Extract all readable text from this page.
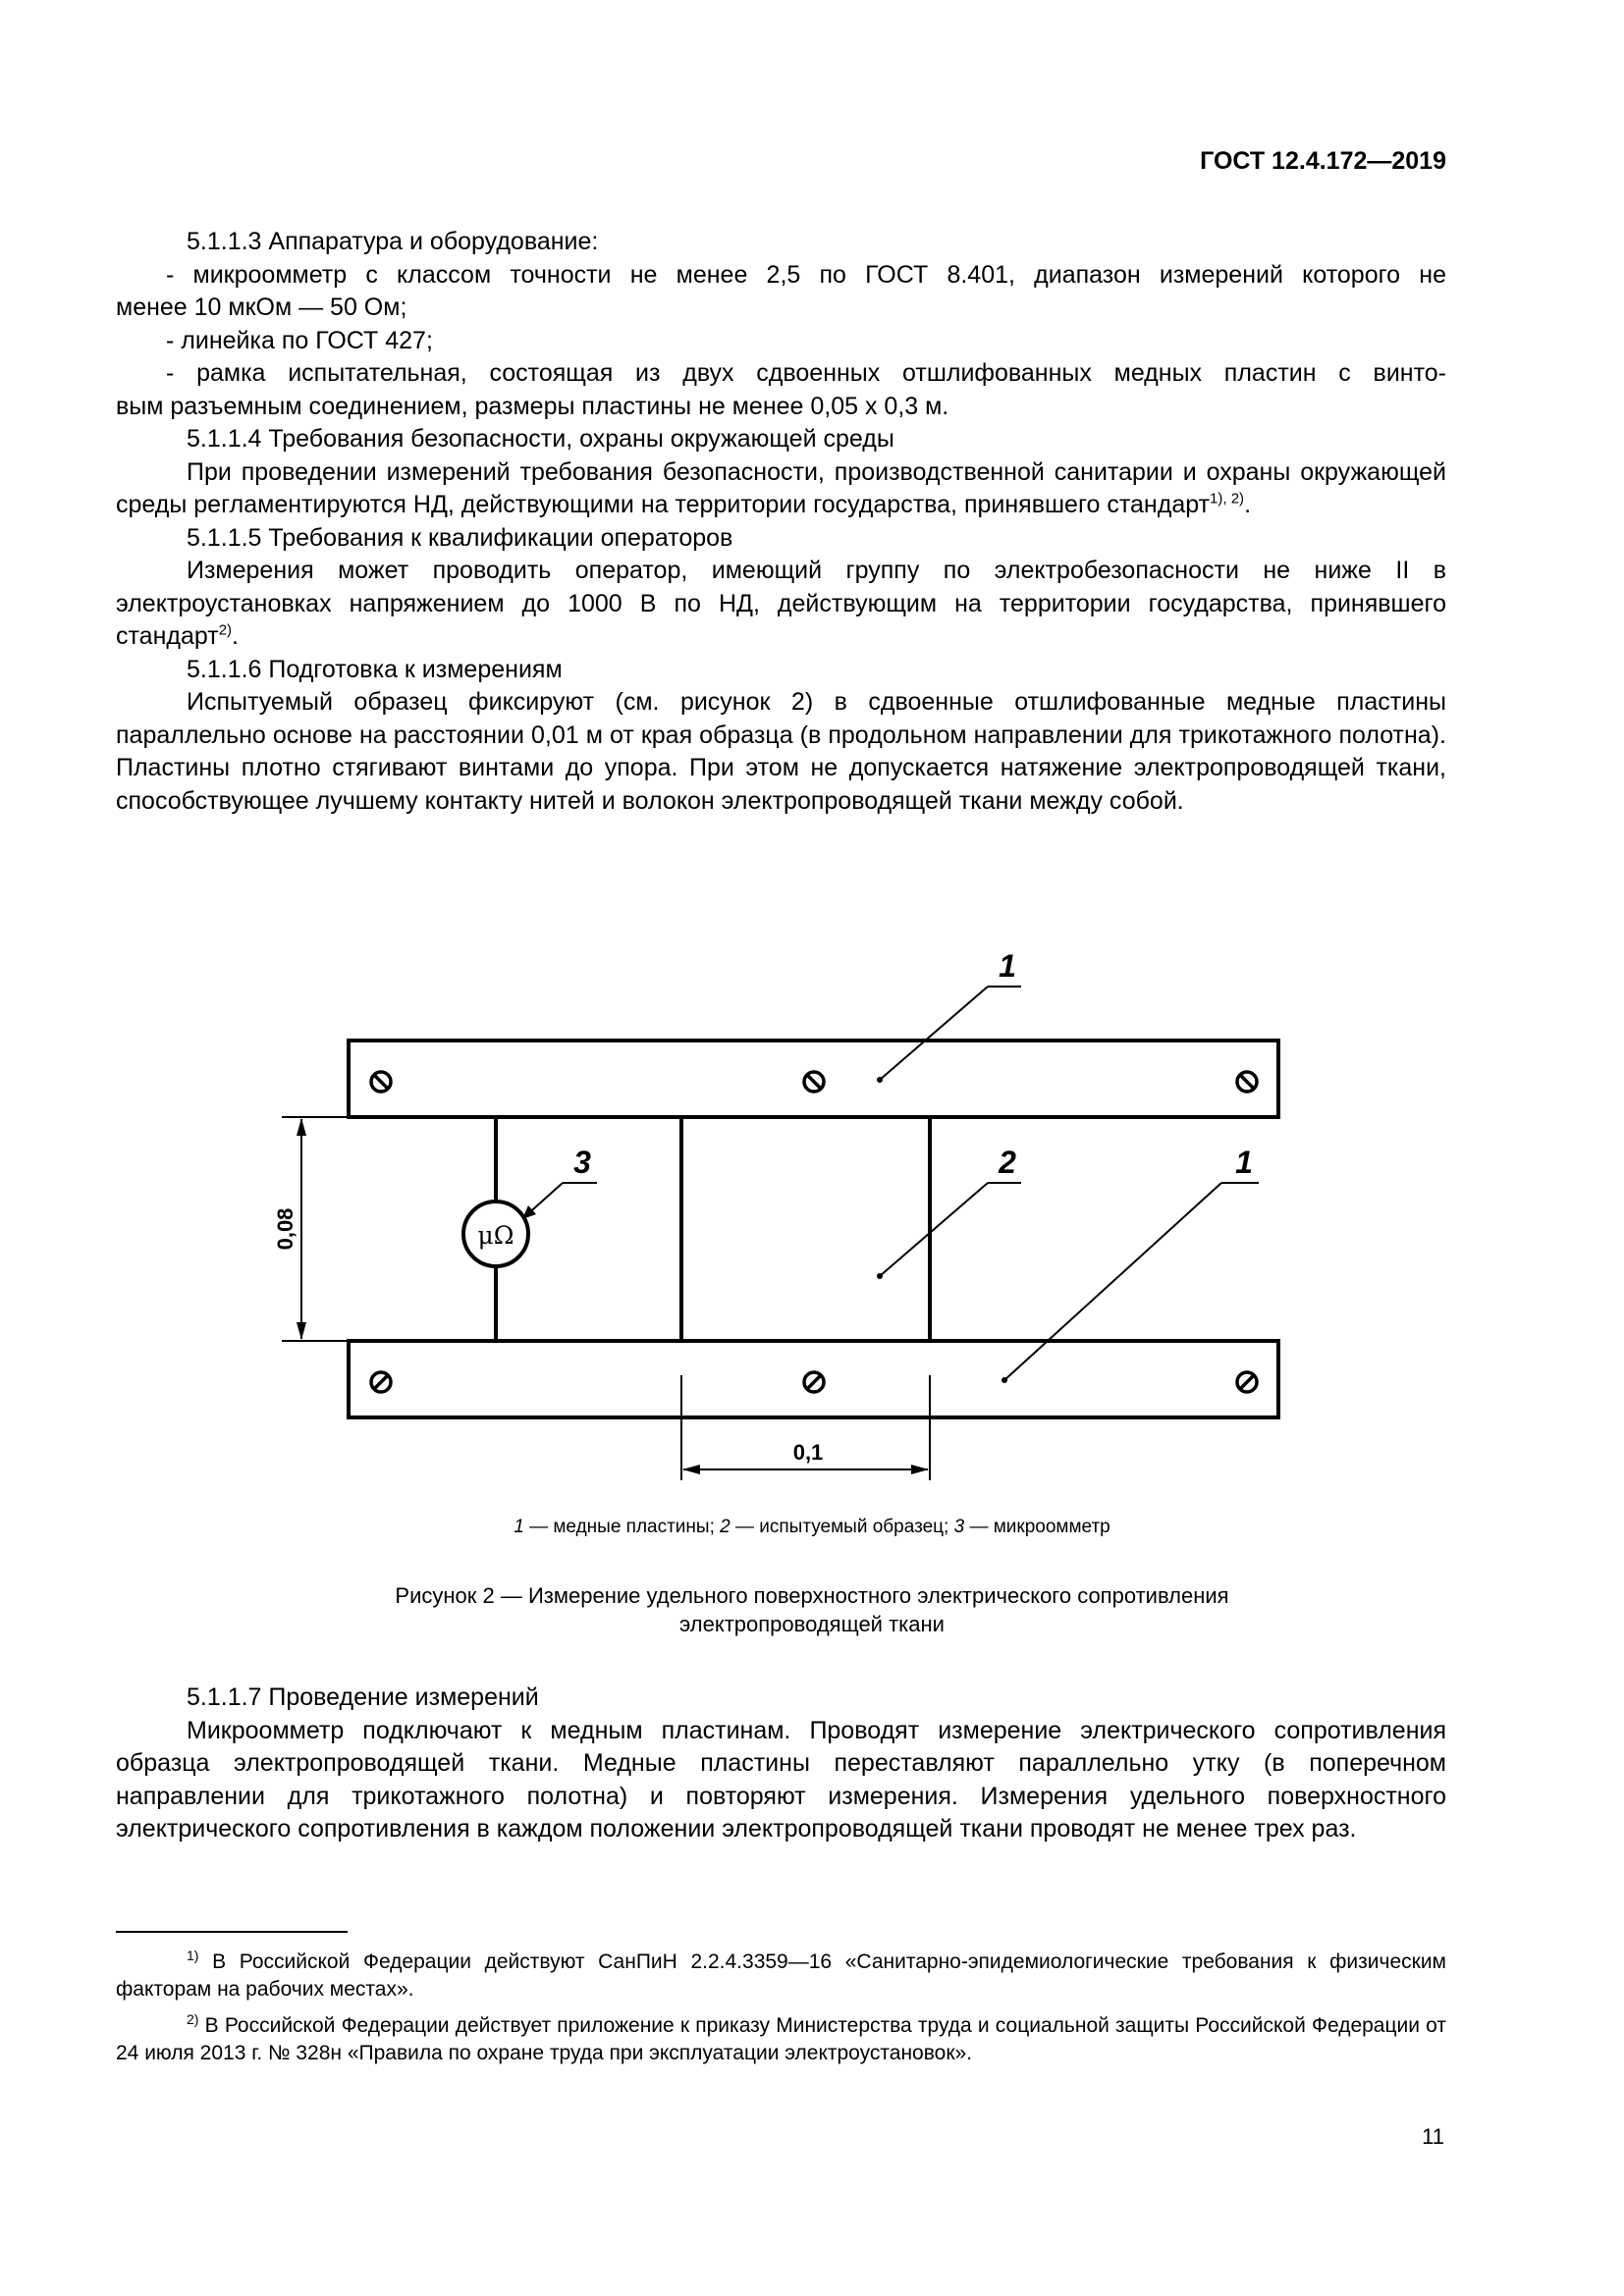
ГОСТ 12.4.172—2019

5.1.1.3 Аппаратура и оборудование:

- микроомметр с классом точности не менее 2,5 по ГОСТ 8.401, диапазон измерений которого не

менее 10 мкОм — 50 Ом;

- линейка по ГОСТ 427;

- рамка испытательная, состоящая из двух сдвоенных отшлифованных медных пластин с винто-

вым разъемным соединением, размеры пластины не менее 0,05 х 0,3 м.

5.1.1.4 Требования безопасности, охраны окружающей среды

При проведении измерений требования безопасности, производственной санитарии и охраны окружающей среды регламентируются НД, действующими на территории государства, принявшего стандарт$^{1), 2)}$.

5.1.1.5 Требования к квалификации операторов

Измерения может проводить оператор, имеющий группу по электробезопасности не ниже II в электроустановках напряжением до 1000 В по НД, действующим на территории государства, принявшего стандарт$^{2)}$.

5.1.1.6 Подготовка к измерениям

Испытуемый образец фиксируют (см. рисунок 2) в сдвоенные отшлифованные медные пластины параллельно основе на расстоянии 0,01 м от края образца (в продольном направлении для трикотажного полотна). Пластины плотно стягивают винтами до упора. При этом не допускается натяжение электропроводящей ткани, способствующее лучшему контакту нитей и волокон электропроводящей ткани между собой.

μΩ
0,08
0,1
1
2	1
3
1 — медные пластины; 2 — испытуемый образец; 3 — микроомметр
Рисунок 2 — Измерение удельного поверхностного электрического сопротивления
электропроводящей ткани

5.1.1.7 Проведение измерений

Микроомметр подключают к медным пластинам. Проводят измерение электрического сопротивления образца электропроводящей ткани. Медные пластины переставляют параллельно утку (в поперечном направлении для трикотажного полотна) и повторяют измерения. Измерения удельного поверхностного электрического сопротивления в каждом положении электропроводящей ткани проводят не менее трех раз.

$^{1)}$ В Российской Федерации действуют СанПиН 2.2.4.3359—16 «Санитарно-эпидемиологические требования к физическим факторам на рабочих местах».

$^{2)}$ В Российской Федерации действует приложение к приказу Министерства труда и социальной защиты Российской Федерации от 24 июля 2013 г. № 328н «Правила по охране труда при эксплуатации электроустановок».

11
